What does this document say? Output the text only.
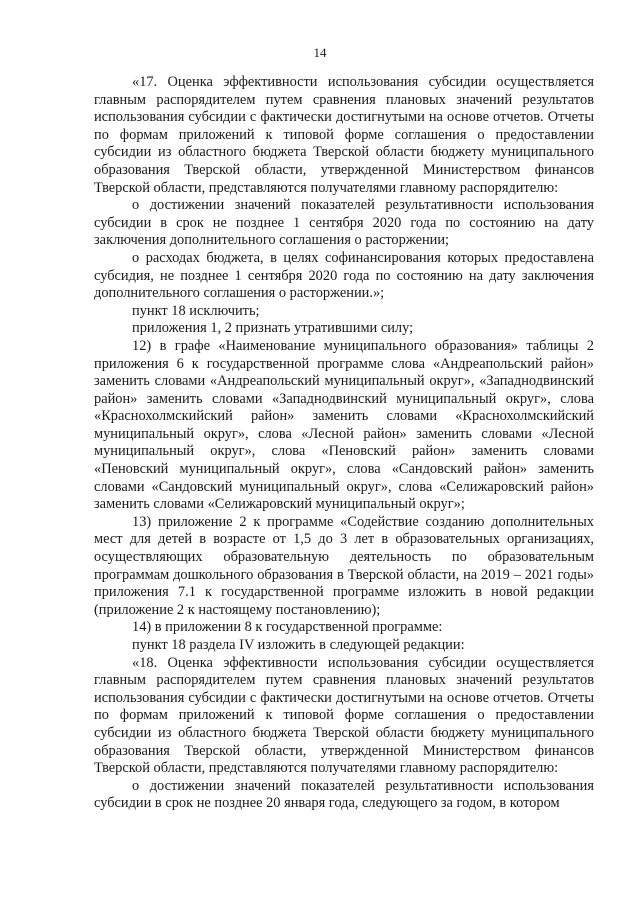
14

«17. Оценка эффективности использования субсидии осуществляется главным распорядителем путем сравнения плановых значений результатов использования субсидии с фактически достигнутыми на основе отчетов. Отчеты по формам приложений к типовой форме соглашения о предоставлении субсидии из областного бюджета Тверской области бюджету муниципального образования Тверской области, утвержденной Министерством финансов Тверской области, представляются получателями главному распорядителю:

о достижении значений показателей результативности использования субсидии в срок не позднее 1 сентября 2020 года по состоянию на дату заключения дополнительного соглашения о расторжении;

о расходах бюджета, в целях софинансирования которых предоставлена субсидия, не позднее 1 сентября 2020 года по состоянию на дату заключения дополнительного соглашения о расторжении.»;

пункт 18 исключить;

приложения 1, 2 признать утратившими силу;

12) в графе «Наименование муниципального образования» таблицы 2 приложения 6 к государственной программе слова «Андреапольский район» заменить словами «Андреапольский муниципальный округ», «Западнодвинский район» заменить словами «Западнодвинский муниципальный округ», слова «Краснохолмскийский район» заменить словами «Краснохолмскийский муниципальный округ», слова «Лесной район» заменить словами «Лесной муниципальный округ», слова «Пеновский район» заменить словами «Пеновский муниципальный округ», слова «Сандовский район» заменить словами «Сандовский муниципальный округ», слова «Селижаровский район» заменить словами «Селижаровский муниципальный округ»;

13) приложение 2 к программе «Содействие созданию дополнительных мест для детей в возрасте от 1,5 до 3 лет в образовательных организациях, осуществляющих образовательную деятельность по образовательным программам дошкольного образования в Тверской области, на 2019 – 2021 годы» приложения 7.1 к государственной программе изложить в новой редакции (приложение 2 к настоящему постановлению);

14) в приложении 8 к государственной программе:

пункт 18 раздела IV изложить в следующей редакции:

«18. Оценка эффективности использования субсидии осуществляется главным распорядителем путем сравнения плановых значений результатов использования субсидии с фактически достигнутыми на основе отчетов. Отчеты по формам приложений к типовой форме соглашения о предоставлении субсидии из областного бюджета Тверской области бюджету муниципального образования Тверской области, утвержденной Министерством финансов Тверской области, представляются получателями главному распорядителю:

о достижении значений показателей результативности использования субсидии в срок не позднее 20 января года, следующего за годом, в котором
